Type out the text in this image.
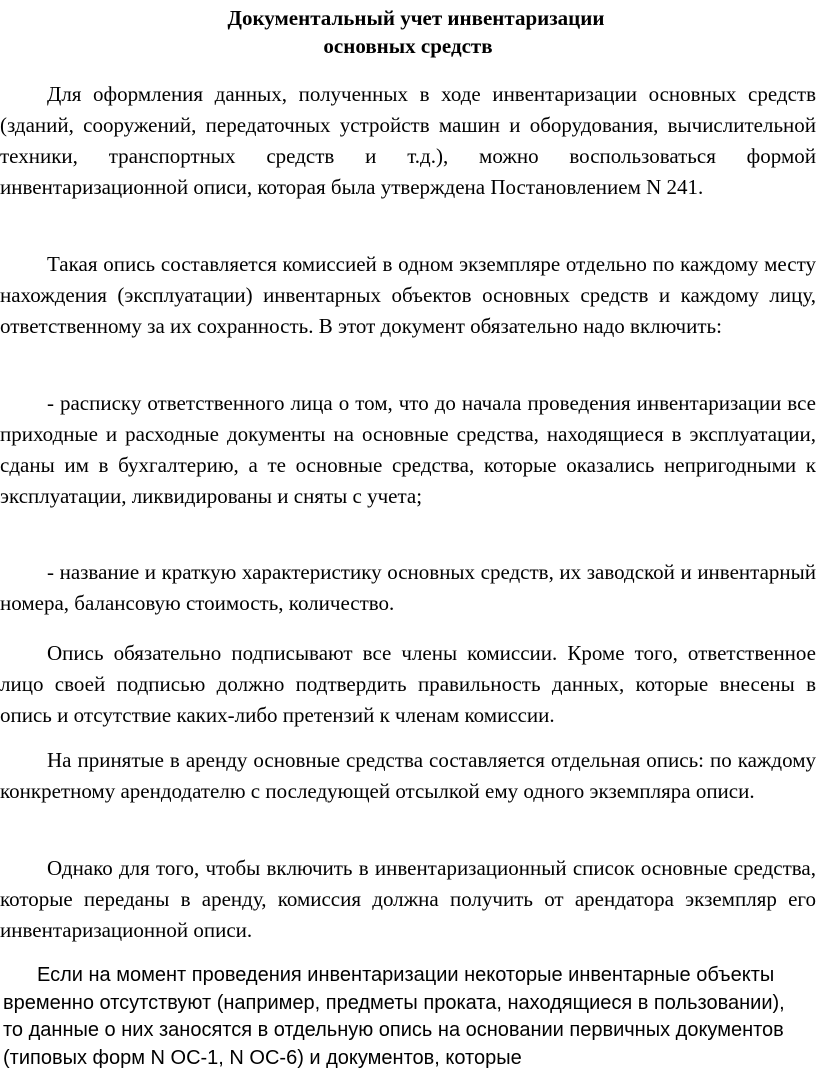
Документальный учет инвентаризации
основных средств

Для оформления данных, полученных в ходе инвентаризации основных средств (зданий, сооружений, передаточных устройств машин и оборудования, вычислительной техники, транспортных средств и т.д.), можно воспользоваться формой инвентаризационной описи, которая была утверждена Постановлением N 241.

Такая опись составляется комиссией в одном экземпляре отдельно по каждому месту нахождения (эксплуатации) инвентарных объектов основных средств и каждому лицу, ответственному за их сохранность. В этот документ обязательно надо включить:

- расписку ответственного лица о том, что до начала проведения инвентаризации все приходные и расходные документы на основные средства, находящиеся в эксплуатации, сданы им в бухгалтерию, а те основные средства, которые оказались непригодными к эксплуатации, ликвидированы и сняты с учета;

- название и краткую характеристику основных средств, их заводской и инвентарный номера, балансовую стоимость, количество.

Опись обязательно подписывают все члены комиссии. Кроме того, ответственное лицо своей подписью должно подтвердить правильность данных, которые внесены в опись и отсутствие каких-либо претензий к членам комиссии.

На принятые в аренду основные средства составляется отдельная опись: по каждому конкретному арендодателю с последующей отсылкой ему одного экземпляра описи.

Однако для того, чтобы включить в инвентаризационный список основные средства, которые переданы в аренду, комиссия должна получить от арендатора экземпляр его инвентаризационной описи.

Если на момент проведения инвентаризации некоторые инвентарные объекты временно отсутствуют (например, предметы проката, находящиеся в пользовании), то данные о них заносятся в отдельную опись на основании первичных документов (типовых форм N ОС-1, N ОС-6) и документов, которые
